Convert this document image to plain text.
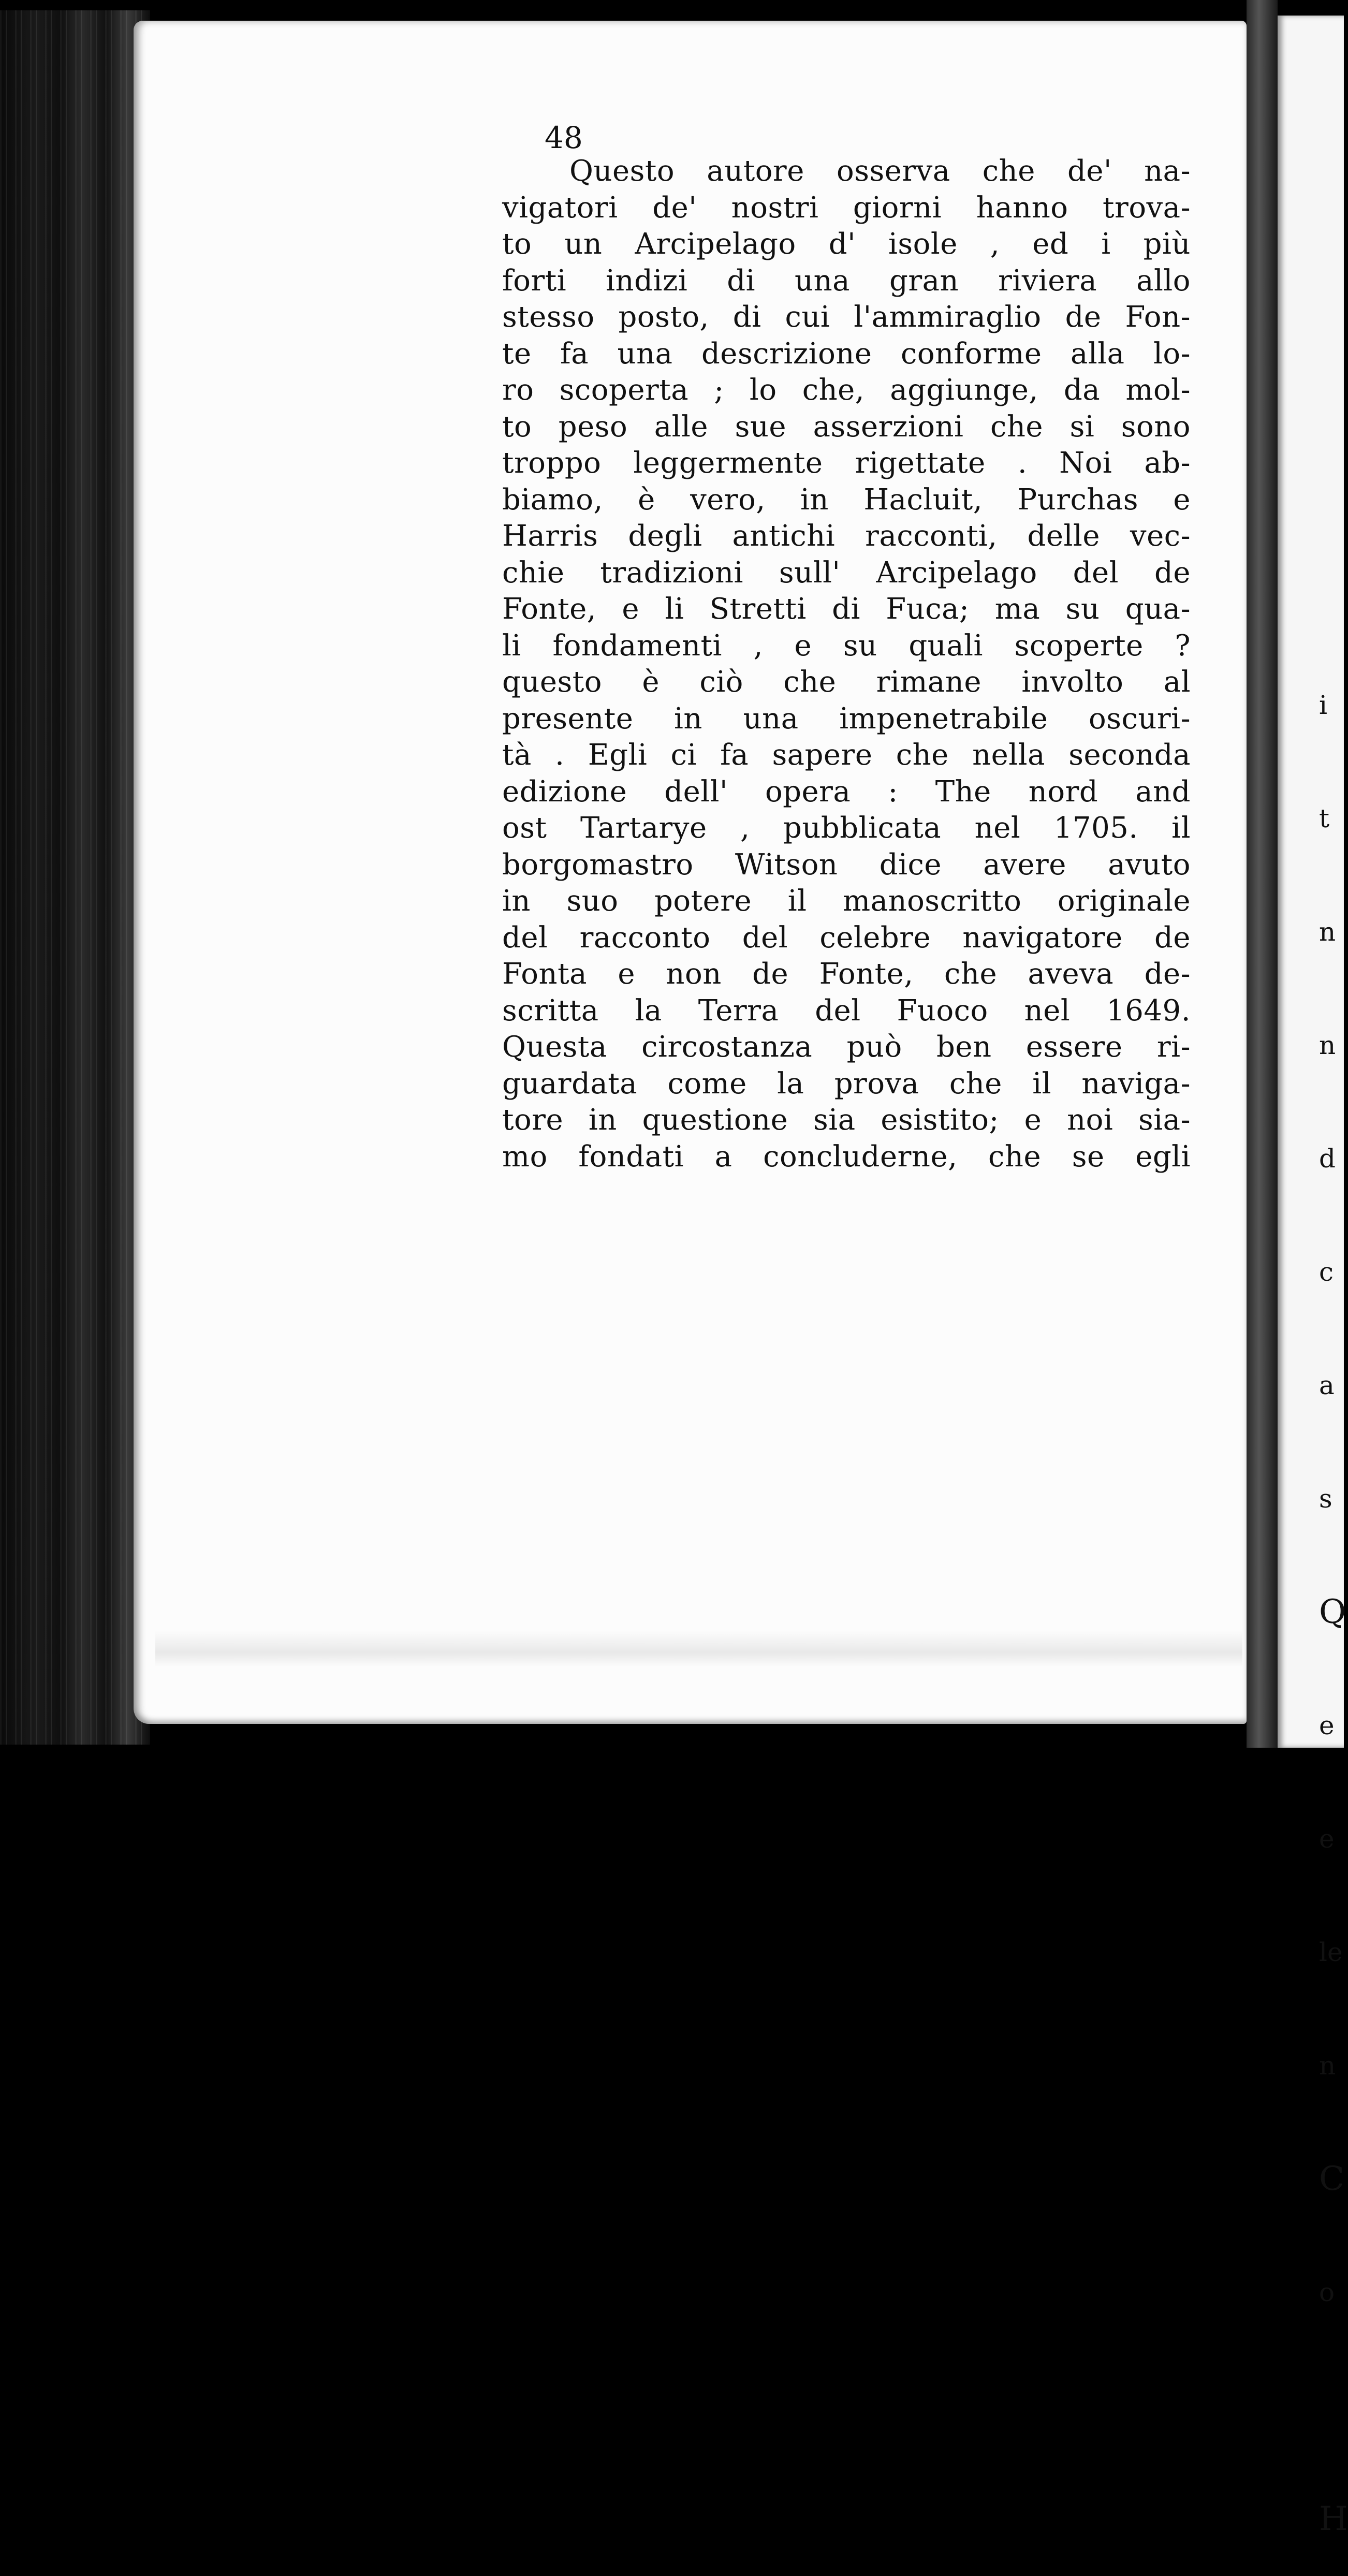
i

t

n

n

d

c

a

s

Q

e

e

le

n

C

o

H

48
Questo autore osserva che de' na-
vigatori de' nostri giorni hanno trova-
to un Arcipelago d' isole , ed i più
forti indizi di una gran riviera allo
stesso posto, di cui l'ammiraglio de Fon-
te fa una descrizione conforme alla lo-
ro scoperta ; lo che, aggiunge, da mol-
to peso alle sue asserzioni che si sono
troppo leggermente rigettate . Noi ab-
biamo, è vero, in Hacluit, Purchas e
Harris degli antichi racconti, delle vec-
chie tradizioni sull' Arcipelago del de
Fonte, e li Stretti di Fuca; ma su qua-
li fondamenti , e su quali scoperte ?
questo è ciò che rimane involto al
presente in una impenetrabile oscuri-
tà . Egli ci fa sapere che nella seconda
edizione dell' opera : The nord and
ost Tartarye , pubblicata nel 1705. il
borgomastro Witson dice avere avuto
in suo potere il manoscritto originale
del racconto del celebre navigatore de
Fonta e non de Fonte, che aveva de-
scritta la Terra del Fuoco nel 1649.
Questa circostanza può ben essere ri-
guardata come la prova che il naviga-
tore in questione sia esistito; e noi sia-
mo fondati a concluderne, che se egli
